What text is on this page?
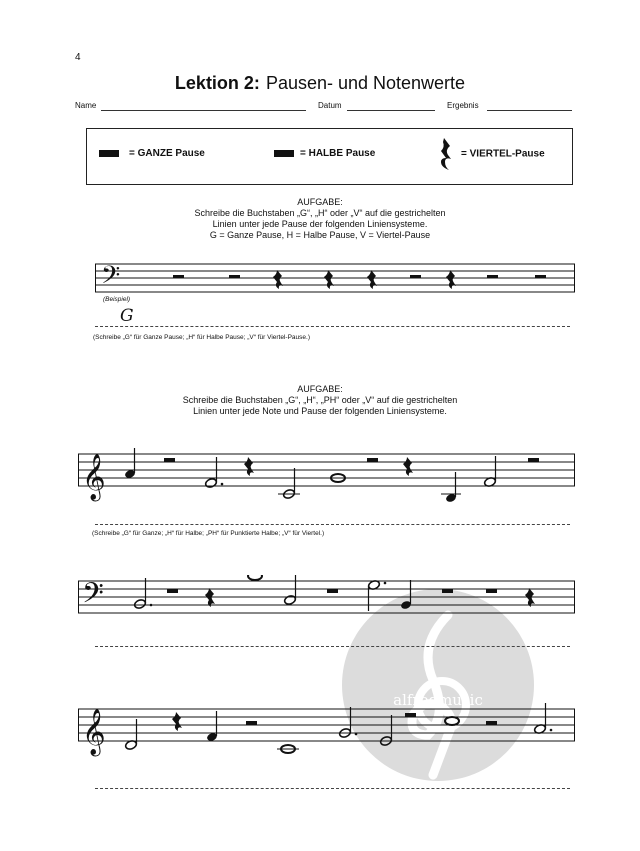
4
Lektion 2: Pausen- und Notenwerte
Name	Datum	Ergebnis
= GANZE Pause	= HALBE Pause	= VIERTEL-Pause
AUFGABE:
Schreibe die Buchstaben „G“, „H“ oder „V“ auf die gestrichelten
Linien unter jede Pause der folgenden Liniensysteme.
G = Ganze Pause, H = Halbe Pause, V = Viertel-Pause
alfredmusic
𝄢
(Beispiel)
G
(Schreibe „G“ für Ganze Pause; „H“ für Halbe Pause; „V“ für Viertel-Pause.)
AUFGABE:
Schreibe die Buchstaben „G“, „H“, „PH“ oder „V“ auf die gestrichelten
Linien unter jede Note und Pause der folgenden Liniensysteme.
𝄞
(Schreibe „G“ für Ganze; „H“ für Halbe; „PH“ für Punktierte Halbe; „V“ für Viertel.)
𝄢
𝄞
